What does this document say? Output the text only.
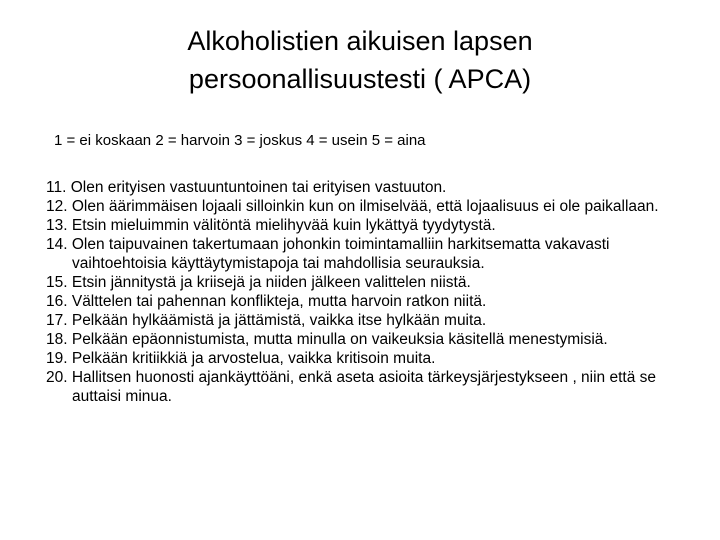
Alkoholistien aikuisen lapsen
persoonallisuustesti ( APCA)
1 = ei koskaan 2 = harvoin 3 = joskus 4 = usein 5 = aina
11. Olen erityisen vastuuntuntoinen tai erityisen vastuuton.
12. Olen äärimmäisen lojaali silloinkin kun on ilmiselvää, että lojaalisuus ei ole paikallaan.
13. Etsin mieluimmin välitöntä mielihyvää kuin lykättyä tyydytystä.
14. Olen taipuvainen takertumaan johonkin toimintamalliin harkitsematta vakavasti vaihtoehtoisia käyttäytymistapoja tai mahdollisia seurauksia.
15. Etsin jännitystä ja kriisejä ja niiden jälkeen valittelen niistä.
16. Välttelen tai pahennan konflikteja, mutta harvoin ratkon niitä.
17. Pelkään hylkäämistä ja jättämistä, vaikka itse hylkään muita.
18. Pelkään epäonnistumista, mutta minulla on vaikeuksia käsitellä menestymisiä.
19. Pelkään kritiikkiä ja arvostelua, vaikka kritisoin muita.
20. Hallitsen huonosti ajankäyttöäni, enkä aseta asioita tärkeysjärjestykseen , niin että se auttaisi minua.
